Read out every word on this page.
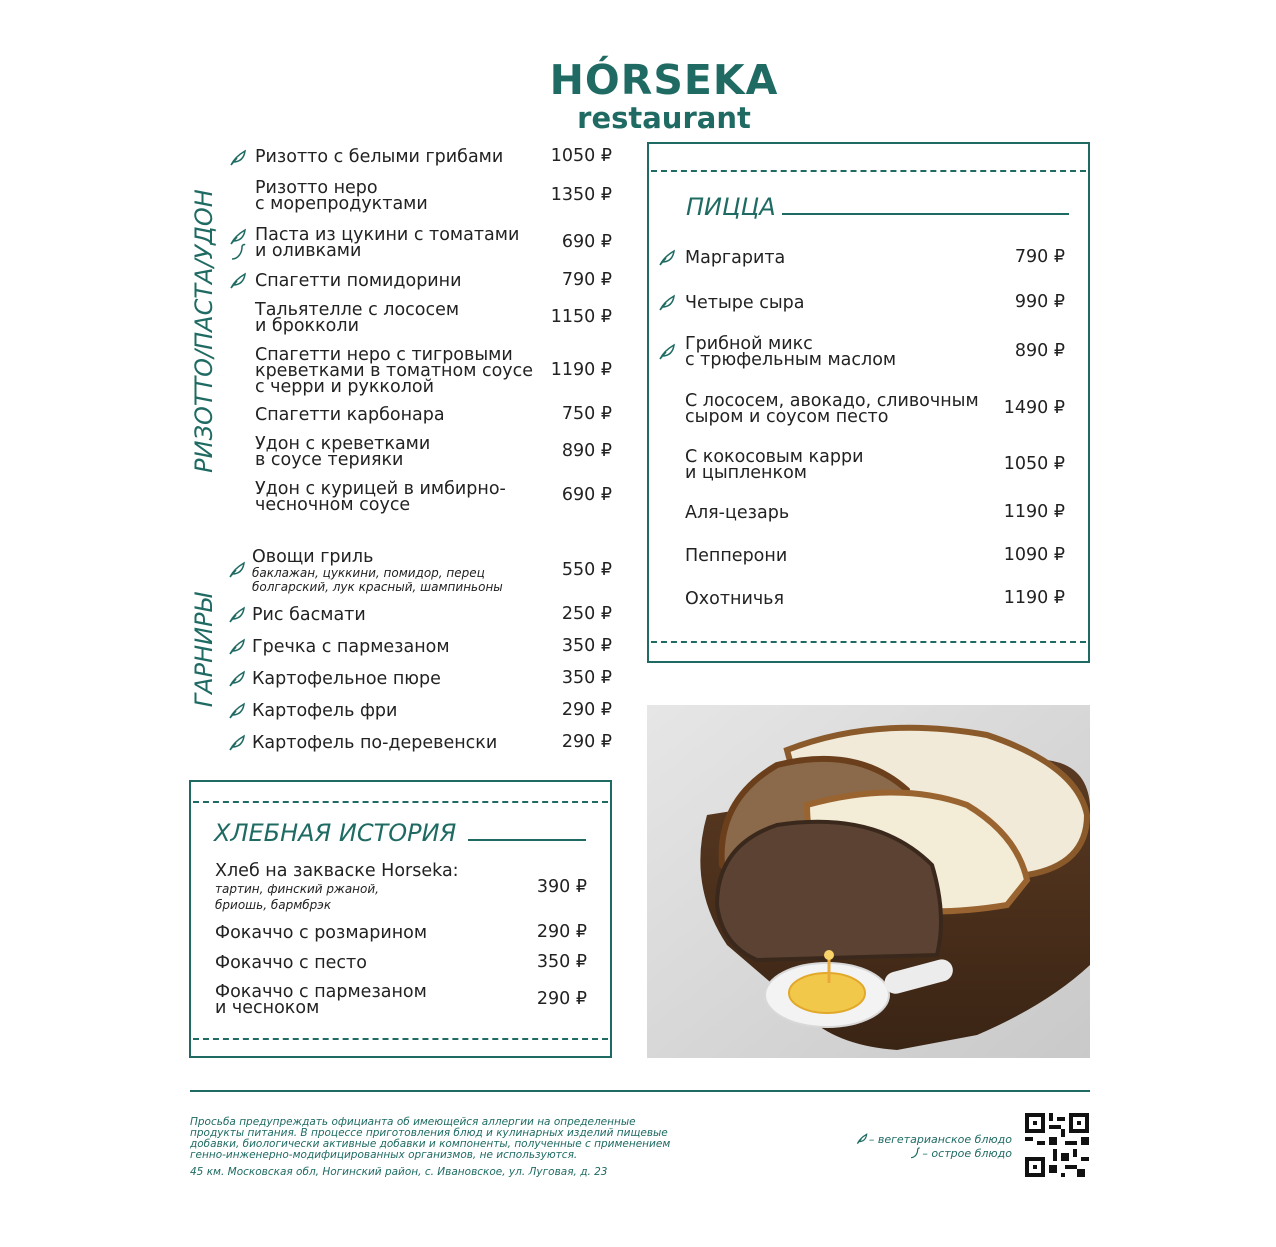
HÓRSEKA
restaurant
РИЗОТТО/ПАСТА/УДОН
Ризотто с белыми грибами	1050 ₽
Ризотто неро
с морепродуктами	1350 ₽
Паста из цукини с томатами
и оливками	690 ₽
Спагетти помидорини	790 ₽
Тальятелле с лососем
и брокколи	1150 ₽
Спагетти неро с тигровыми
креветками в томатном соусе
с черри и рукколой
1190 ₽
Спагетти карбонара	750 ₽
Удон с креветками
в соусе терияки	890 ₽
Удон с курицей в имбирно-
чесночном соусе	690 ₽
ГАРНИРЫ
Овощи гриль
баклажан, цуккини, помидор, перец
болгарский, лук красный, шампиньоны
550 ₽
Рис басмати	250 ₽
Гречка с пармезаном	350 ₽
Картофельное пюре	350 ₽
Картофель фри	290 ₽
Картофель по-деревенски	290 ₽
ПИЦЦА
Маргарита	790 ₽
Четыре сыра	990 ₽
Грибной микс
с трюфельным маслом	890 ₽
С лососем, авокадо, сливочным
сыром и соусом песто	1490 ₽
С кокосовым карри
и цыпленком	1050 ₽
Аля-цезарь	1190 ₽
Пепперони	1090 ₽
Охотничья	1190 ₽
ХЛЕБНАЯ ИСТОРИЯ
Хлеб на закваске Horseka:
тартин, финский ржаной,
бриошь, бармбрэк
390 ₽
Фокаччо с розмарином	290 ₽
Фокаччо с песто	350 ₽
Фокаччо с пармезаном
и чесноком	290 ₽
Просьба предупреждать официанта об имеющейся аллергии на определенные продукты питания. В процессе приготовления блюд и кулинарных изделий пищевые добавки, биологически активные добавки и компоненты, полученные с применением генно-инженерно-модифицированных организмов, не используются.
45 км. Московская обл, Ногинский район, с. Ивановское, ул. Луговая, д. 23
– вегетарианское блюдо
– острое блюдо
